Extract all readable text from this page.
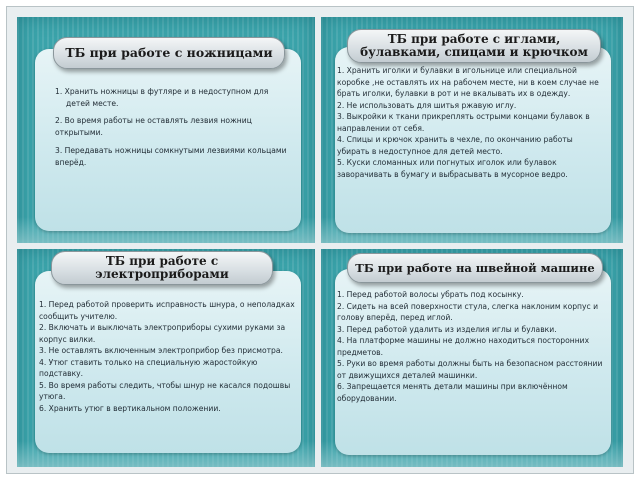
ТБ при работе с ножницами

1. Хранить ножницы в футляре и в недоступном для детей месте.

2. Во время работы не оставлять лезвия ножниц открытыми.

3. Передавать ножницы сомкнутыми лезвиями кольцами вперёд.

ТБ при работе с иглами, булавками, спицами и крючком

1. Хранить иголки и булавки в игольнице или специальной коробке ,не оставлять их на рабочем месте, ни в коем случае не брать иголки, булавки в рот и не вкалывать их в одежду.

2. Не использовать для шитья ржавую иглу.

3. Выкройки к ткани прикреплять острыми концами булавок в направлении от себя.

4. Спицы и крючок хранить в чехле, по окончанию работы убирать в недоступное для детей место.

5. Куски сломанных или погнутых иголок или булавок заворачивать в бумагу и выбрасывать в мусорное ведро.

ТБ при работе с электроприборами

1. Перед работой проверить исправность шнура, о неполадках сообщить учителю.

2. Включать и выключать электроприборы сухими руками за корпус вилки.

3. Не оставлять включенным электроприбор без присмотра.

4. Утюг ставить только на специальную жаростойкую подставку.

5. Во время работы следить, чтобы шнур не касался подошвы утюга.

6. Хранить утюг в вертикальном положении.

ТБ при работе на швейной машине

1. Перед работой волосы убрать под косынку.

2. Сидеть на всей поверхности стула, слегка наклоним корпус и голову вперёд, перед иглой.

3. Перед работой удалить из изделия иглы и булавки.

4. На платформе машины не должно находиться посторонних предметов.

5. Руки во время работы должны быть на безопасном расстоянии от движущихся деталей машинки.

6. Запрещается менять детали машины при включённом оборудовании.
